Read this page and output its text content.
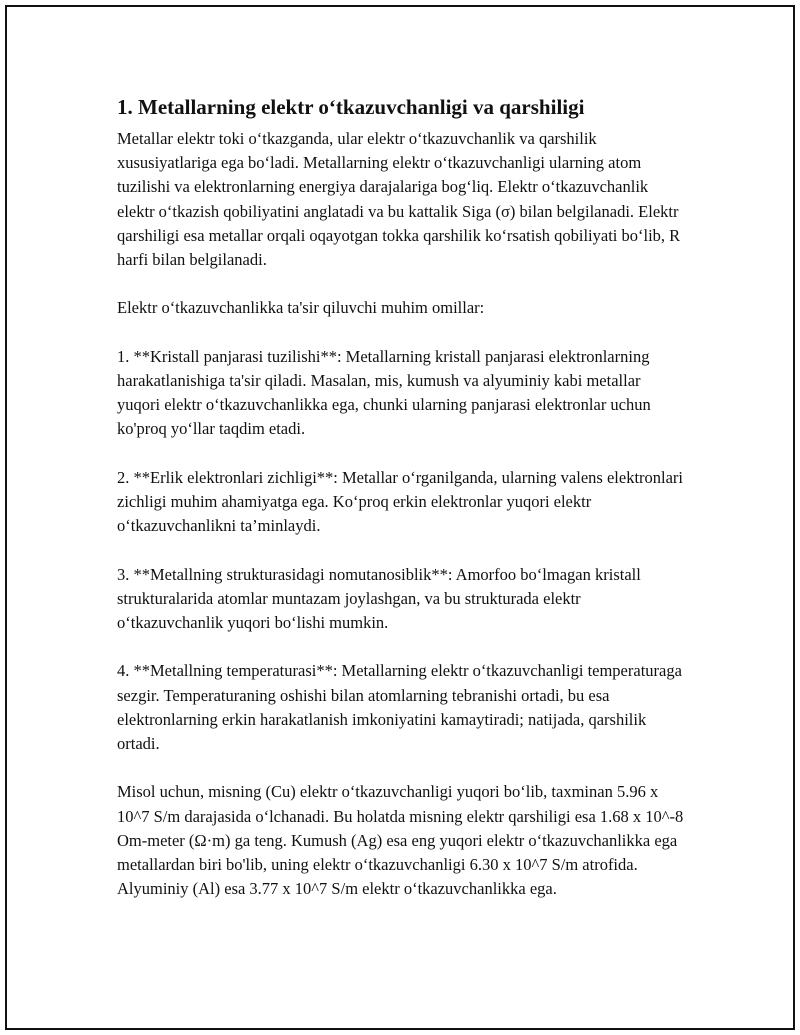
1. Metallarning elektr o‘tkazuvchanligi va qarshiligi

Metallar elektr toki o‘tkazganda, ular elektr o‘tkazuvchanlik va qarshilik xususiyatlariga ega bo‘ladi. Metallarning elektr o‘tkazuvchanligi ularning atom tuzilishi va elektronlarning energiya darajalariga bog‘liq. Elektr o‘tkazuvchanlik elektr o‘tkazish qobiliyatini anglatadi va bu kattalik Siga (σ) bilan belgilanadi. Elektr qarshiligi esa metallar orqali oqayotgan tokka qarshilik ko‘rsatish qobiliyati bo‘lib, R harfi bilan belgilanadi.

Elektr o‘tkazuvchanlikka ta'sir qiluvchi muhim omillar:

1. **Kristall panjarasi tuzilishi**: Metallarning kristall panjarasi elektronlarning harakatlanishiga ta'sir qiladi. Masalan, mis, kumush va alyuminiy kabi metallar yuqori elektr o‘tkazuvchanlikka ega, chunki ularning panjarasi elektronlar uchun ko'proq yo‘llar taqdim etadi.

2. **Erlik elektronlari zichligi**: Metallar o‘rganilganda, ularning valens elektronlari zichligi muhim ahamiyatga ega. Ko‘proq erkin elektronlar yuqori elektr o‘tkazuvchanlikni ta’minlaydi.

3. **Metallning strukturasidagi nomutanosiblik**: Amorfoo bo‘lmagan kristall strukturalarida atomlar muntazam joylashgan, va bu strukturada elektr o‘tkazuvchanlik yuqori bo‘lishi mumkin.

4. **Metallning temperaturasi**: Metallarning elektr o‘tkazuvchanligi temperaturaga sezgir. Temperaturaning oshishi bilan atomlarning tebranishi ortadi, bu esa elektronlarning erkin harakatlanish imkoniyatini kamaytiradi; natijada, qarshilik ortadi.

Misol uchun, misning (Cu) elektr o‘tkazuvchanligi yuqori bo‘lib, taxminan 5.96 x 10^7 S/m darajasida o‘lchanadi. Bu holatda misning elektr qarshiligi esa 1.68 x 10^-8 Om-meter (Ω·m) ga teng. Kumush (Ag) esa eng yuqori elektr o‘tkazuvchanlikka ega metallardan biri bo'lib, uning elektr o‘tkazuvchanligi 6.30 x 10^7 S/m atrofida. Alyuminiy (Al) esa 3.77 x 10^7 S/m elektr o‘tkazuvchanlikka ega.
